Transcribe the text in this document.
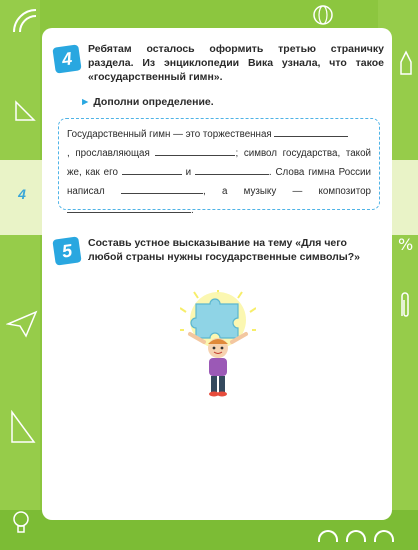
%
4
4	Ребятам осталось оформить третью страничку раздела. Из энциклопедии Вика узнала, что такое «государственный гимн».

► Дополни определение.
Государственный гимн — это торжественная
, прославляющая	; символ государства, такой же, как его	и	. Слова гимна России написал	, а музыку — композитор .
5	Составь устное высказывание на тему «Для чего любой страны нужны государственные символы?»
